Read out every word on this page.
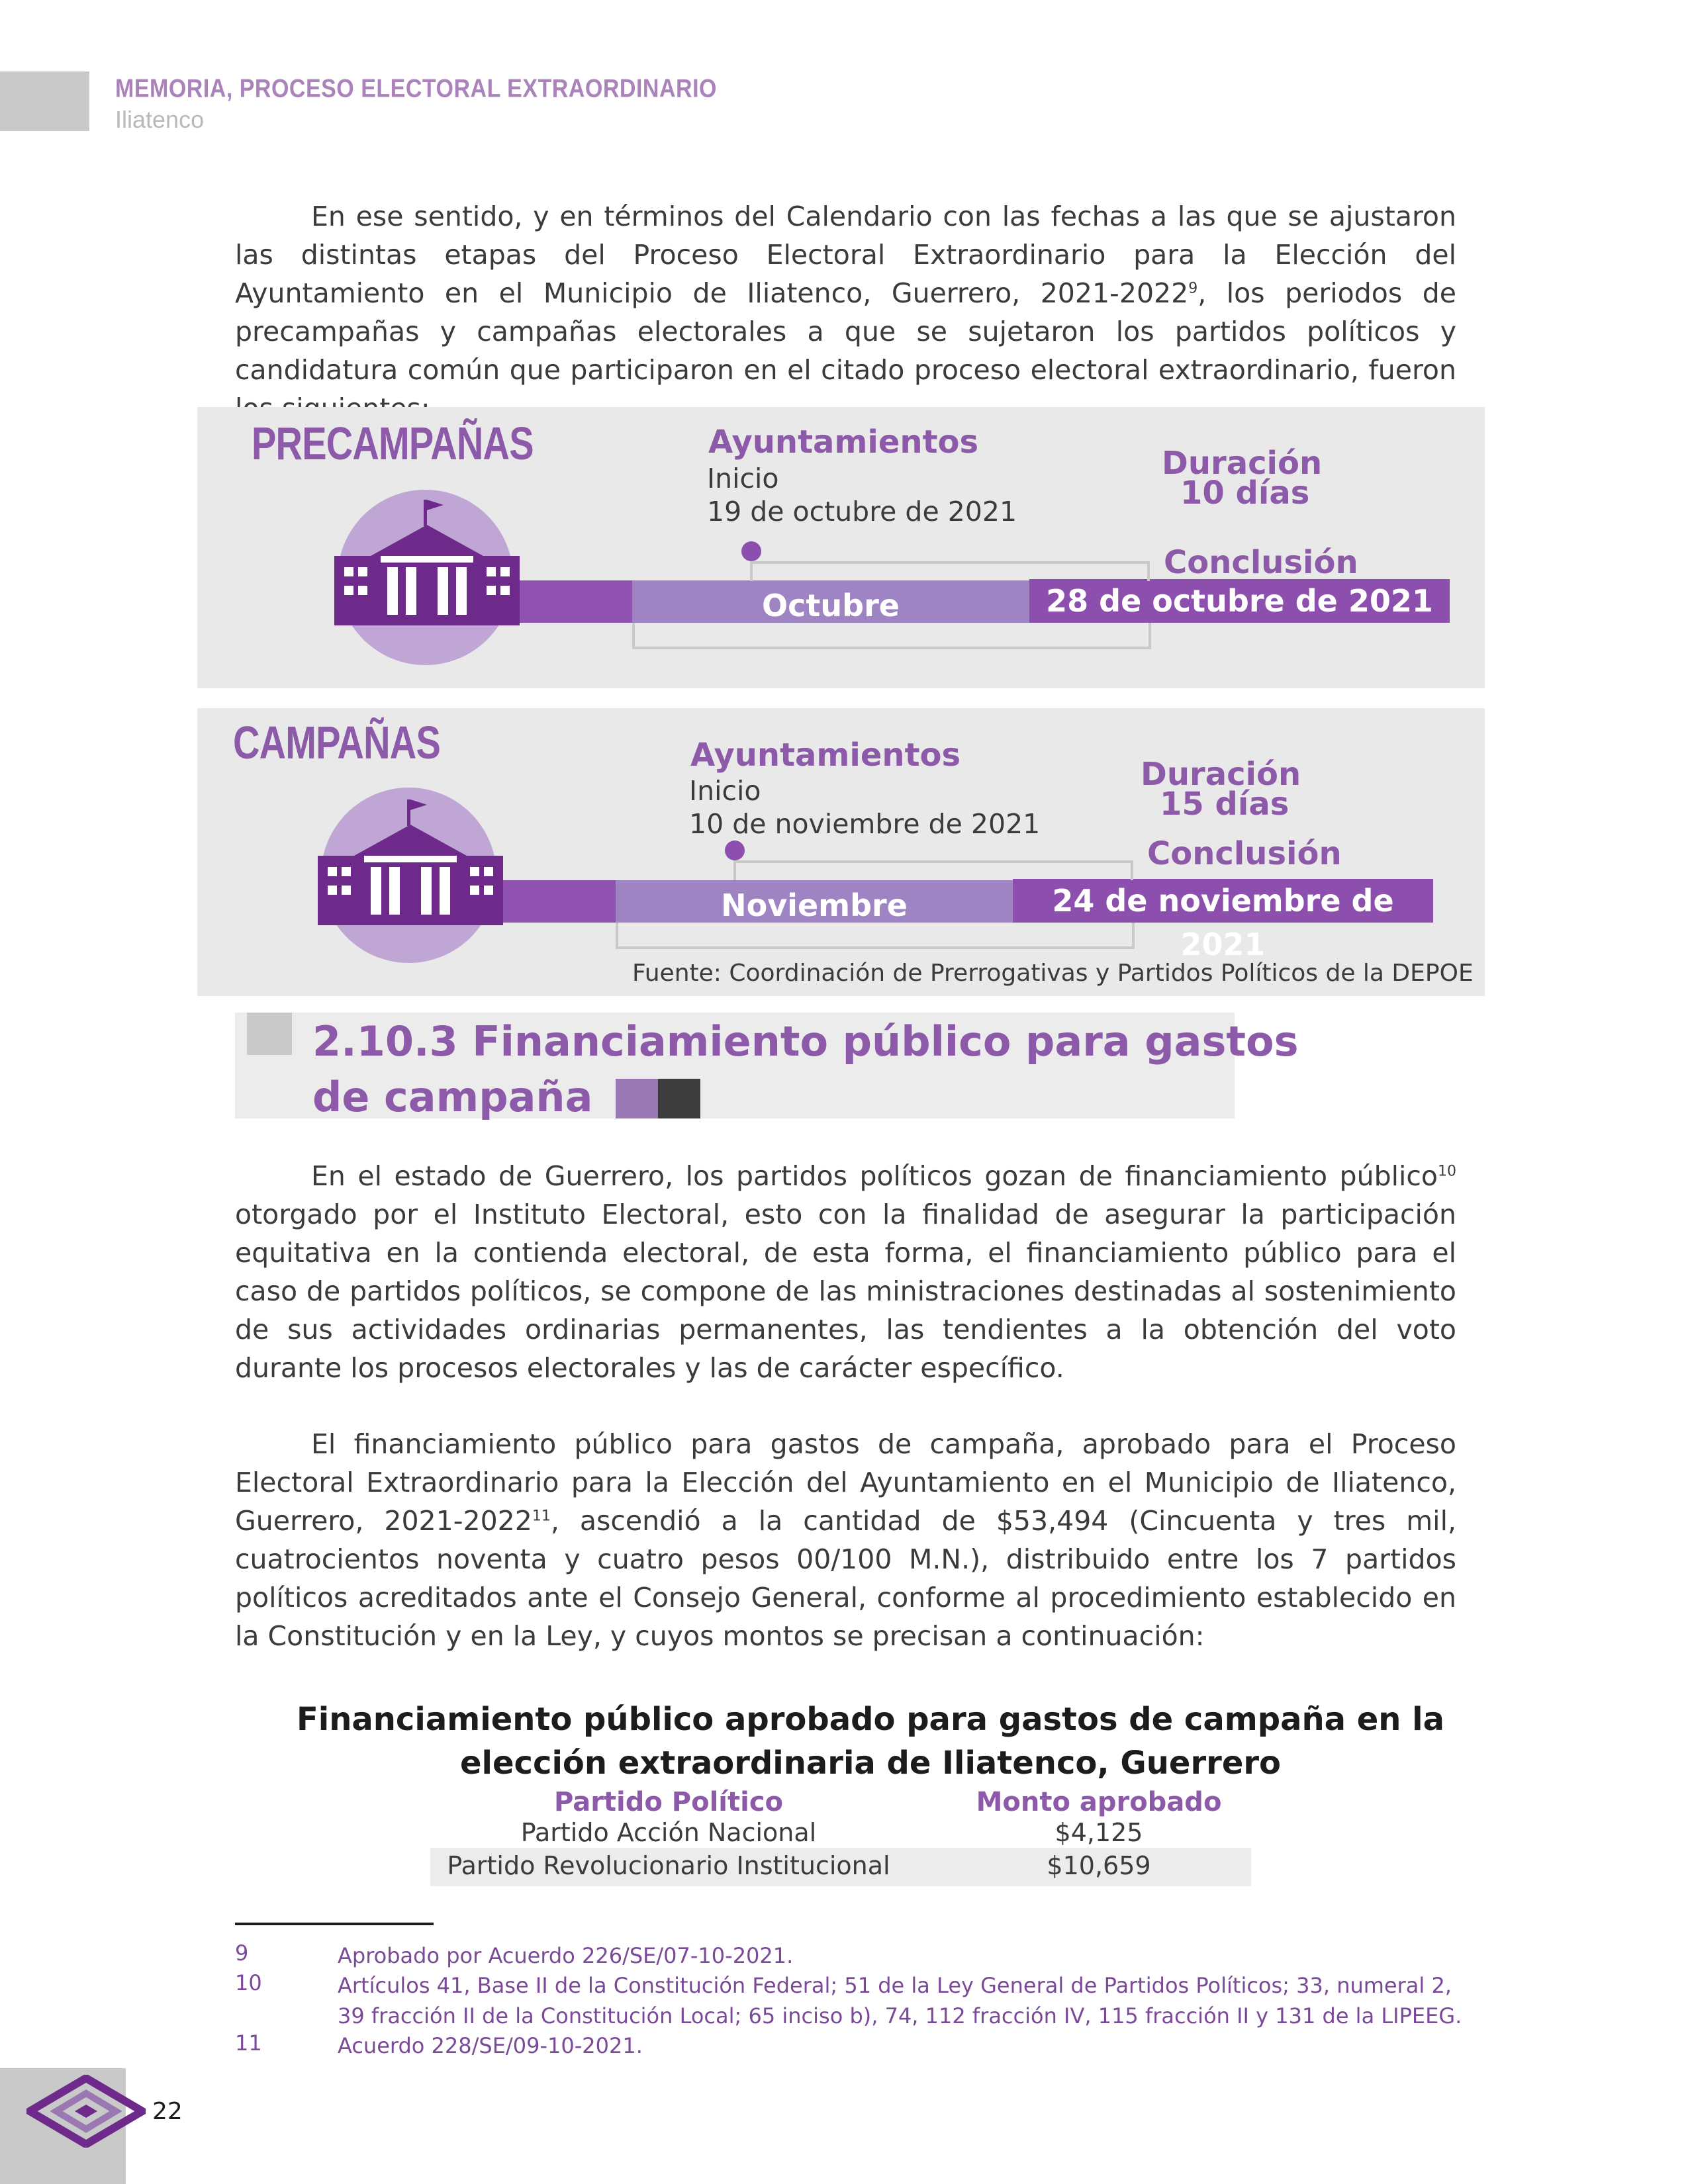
MEMORIA, PROCESO ELECTORAL EXTRAORDINARIO
Iliatenco

En ese sentido, y en términos del Calendario con las fechas a las que se ajustaron las distintas etapas del Proceso Electoral Extraordinario para la Elección del Ayuntamiento en el Municipio de Iliatenco, Guerrero, 2021-2022$^9$, los periodos de precampañas y campañas electorales a que se sujetaron los partidos políticos y candidatura común que participaron en el citado proceso electoral extraordinario, fueron

PRECAMPAÑAS
Octubre	28 de octubre de 2021
Ayuntamientos
Inicio
19 de octubre de 2021
Duración
10 días
Conclusión
CAMPAÑAS
Noviembre	24 de noviembre de 2021
Ayuntamientos
Inicio
10 de noviembre de 2021
Duración
15 días
Conclusión
Fuente: Coordinación de Prerrogativas y Partidos Políticos de la DEPOE
2.10.3 Financiamiento público para gastos
de campaña

En el estado de Guerrero, los partidos políticos gozan de financiamiento público$^{10}$ otorgado por el Instituto Electoral, esto con la finalidad de asegurar la participación equitativa en la contienda electoral, de esta forma, el financiamiento público para el caso de partidos políticos, se compone de las ministraciones destinadas al sostenimiento de sus actividades ordinarias permanentes, las tendientes a la obtención del voto durante los procesos electorales y las de carácter específico.

El financiamiento público para gastos de campaña, aprobado para el Proceso Electoral Extraordinario para la Elección del Ayuntamiento en el Municipio de Iliatenco, Guerrero, 2021-2022$^{11}$, ascendió a la cantidad de $53,494 (Cincuenta y tres mil, cuatrocientos noventa y cuatro pesos 00/100 M.N.), distribuido entre los 7 partidos políticos acreditados ante el Consejo General, conforme al procedimiento establecido en la Constitución y en la Ley, y cuyos montos se precisan a continuación:

Financiamiento público aprobado para gastos de campaña en la
elección extraordinaria de Iliatenco, Guerrero
Partido Político	Monto aprobado
Partido Acción Nacional	$4,125
Partido Revolucionario Institucional	$10,659
9	Aprobado por Acuerdo 226/SE/07-10-2021.
10	Artículos 41, Base II de la Constitución Federal; 51 de la Ley General de Partidos Políticos; 33, numeral 2, 39 fracción II de la Constitución Local; 65 inciso b), 74, 112 fracción IV, 115 fracción II y 131 de la LIPEEG.
11	Acuerdo 228/SE/09-10-2021.
22
